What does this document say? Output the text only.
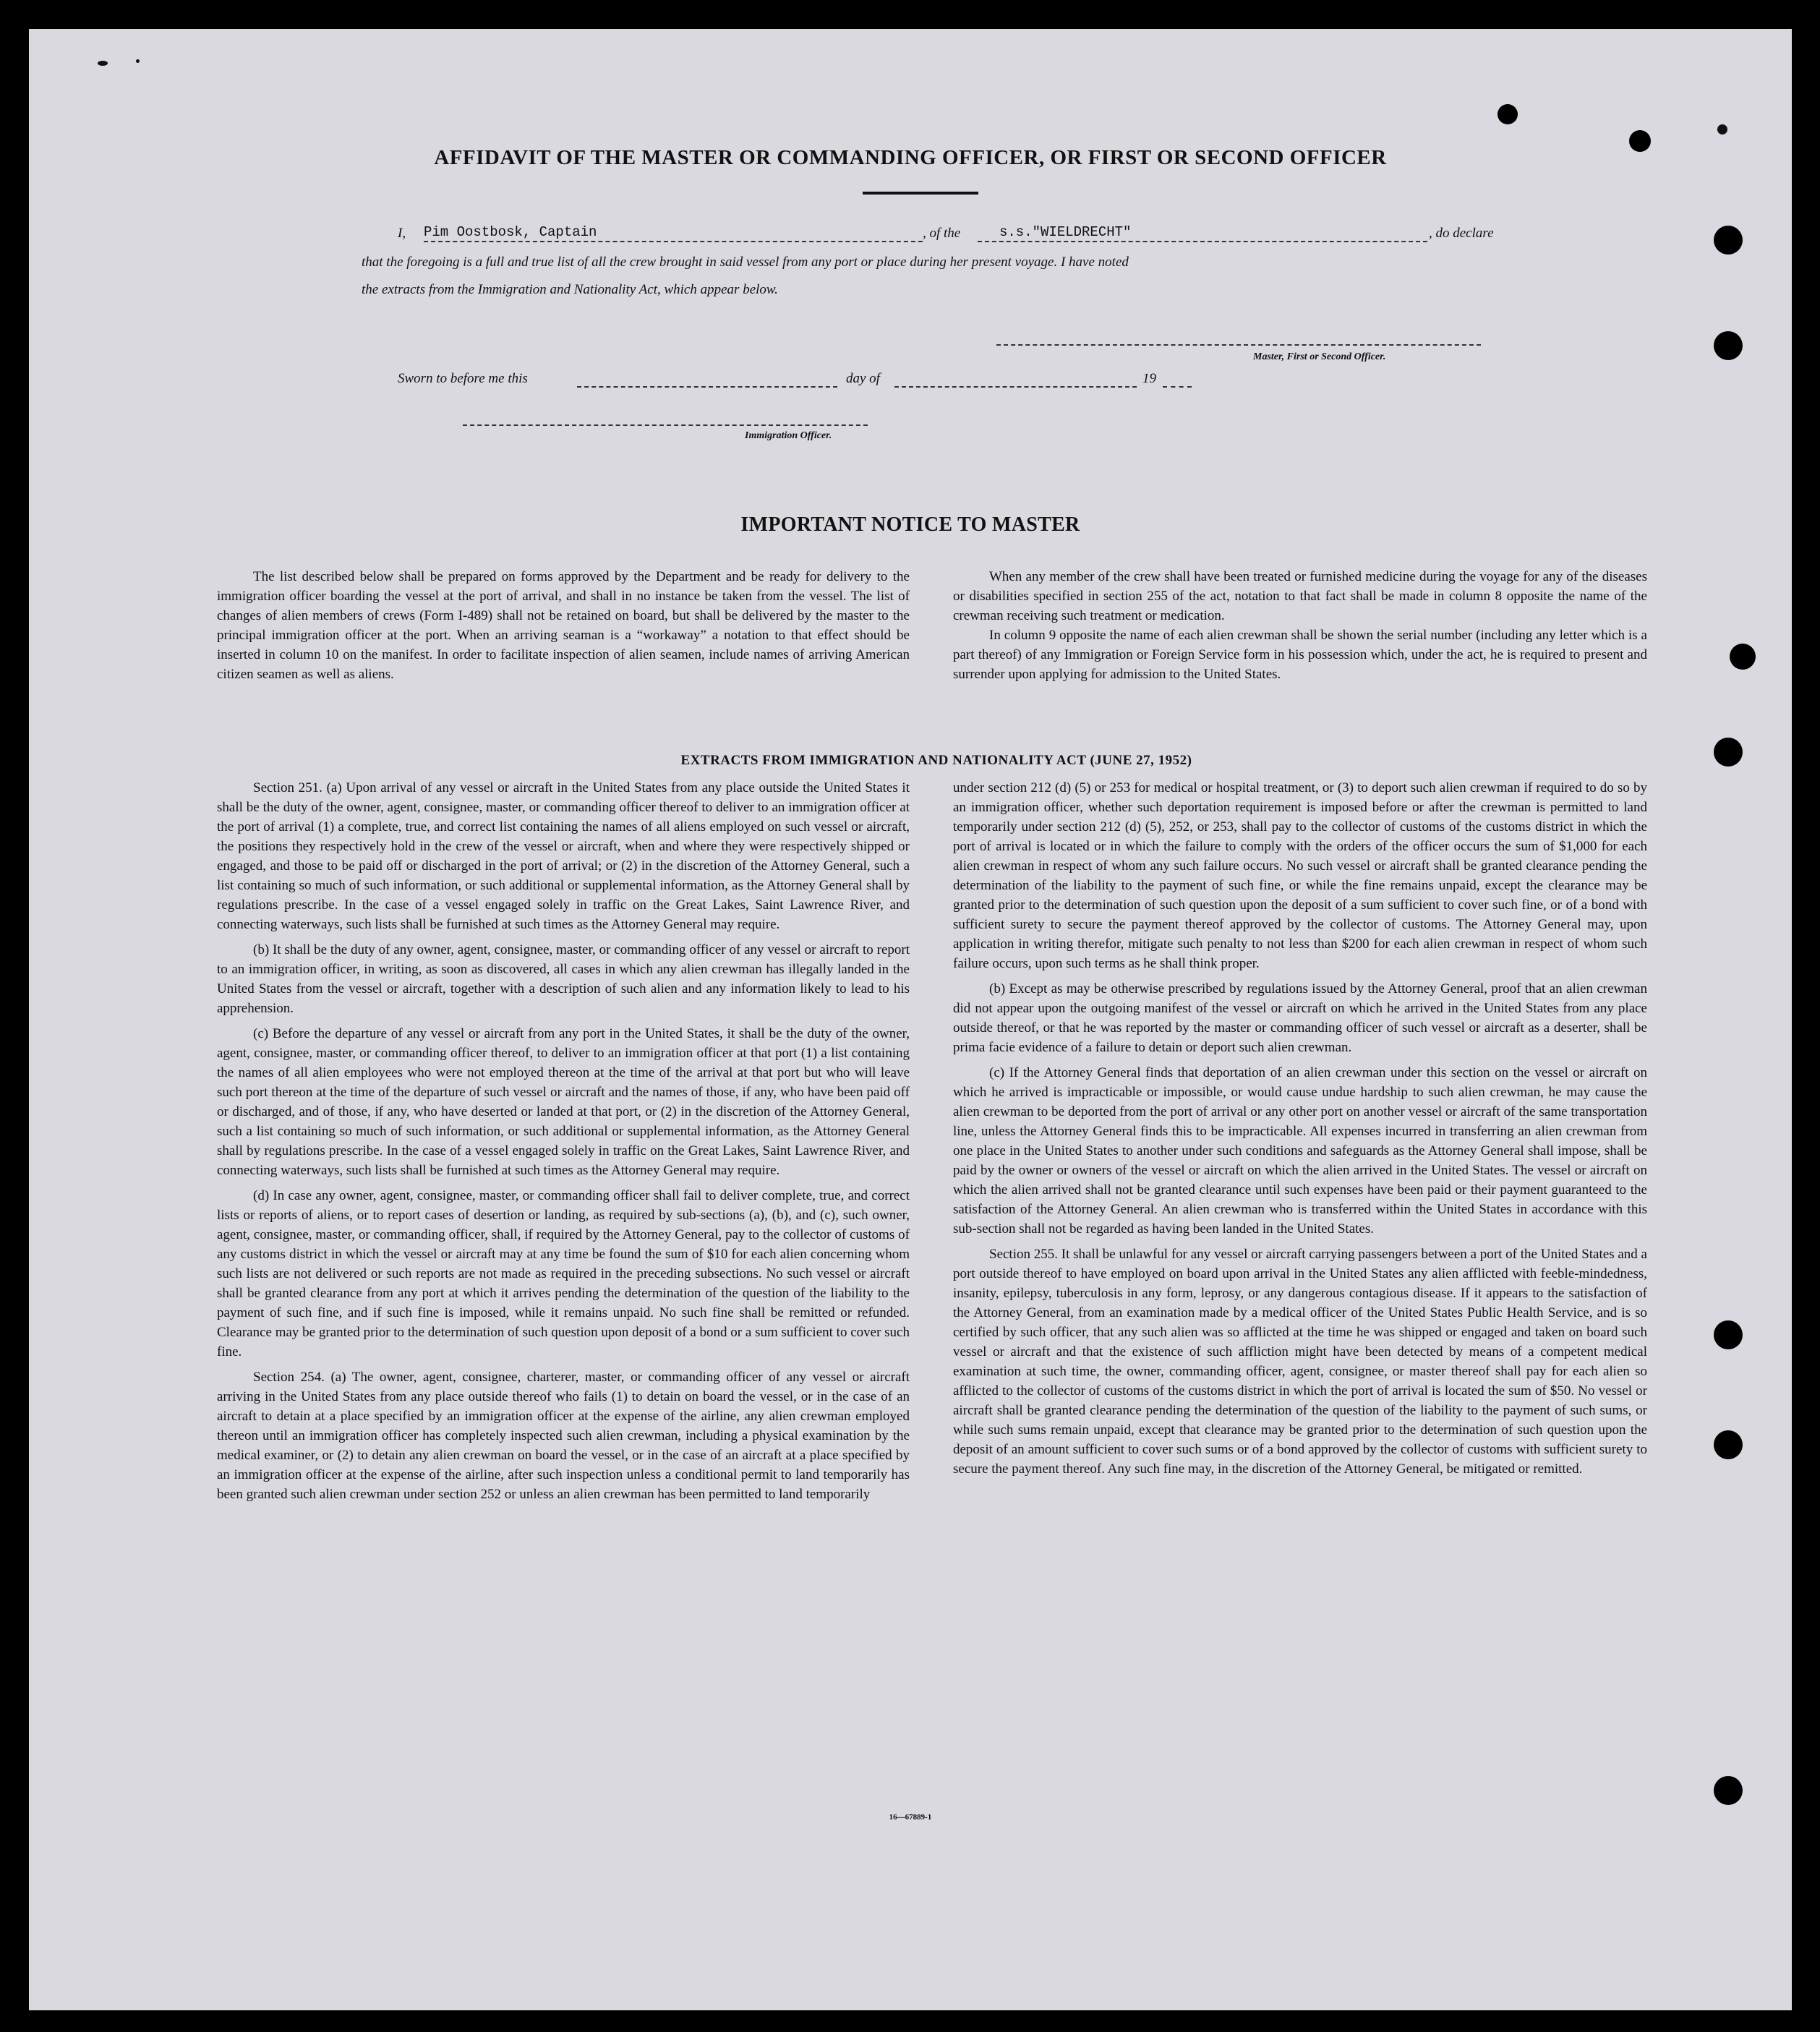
AFFIDAVIT OF THE MASTER OR COMMANDING OFFICER, OR FIRST OR SECOND OFFICER
I, Pim Oostbosk, Captain	, of the	s.s."WIELDRECHT"	, do declare
that the foregoing is a full and true list of all the crew brought in said vessel from any port or place during her present voyage. I have noted
the extracts from the Immigration and Nationality Act, which appear below.
Master, First or Second Officer.
Sworn to before me this	day of	19
Immigration Officer.
IMPORTANT NOTICE TO MASTER

The list described below shall be prepared on forms approved by the Department and be ready for delivery to the immigration officer boarding the vessel at the port of arrival, and shall in no instance be taken from the vessel. The list of changes of alien members of crews (Form I-489) shall not be retained on board, but shall be delivered by the master to the principal immigration officer at the port. When an arriving seaman is a “workaway” a notation to that effect should be inserted in column 10 on the manifest. In order to facilitate inspection of alien seamen, include names of arriving American citizen seamen as well as aliens.

When any member of the crew shall have been treated or furnished medicine during the voyage for any of the diseases or disabilities specified in section 255 of the act, notation to that fact shall be made in column 8 opposite the name of the crewman receiving such treatment or medication.

In column 9 opposite the name of each alien crewman shall be shown the serial number (including any letter which is a part thereof) of any Immigration or Foreign Service form in his possession which, under the act, he is required to present and surrender upon applying for admission to the United States.

EXTRACTS FROM IMMIGRATION AND NATIONALITY ACT (JUNE 27, 1952)

Section 251. (a) Upon arrival of any vessel or aircraft in the United States from any place outside the United States it shall be the duty of the owner, agent, consignee, master, or commanding officer thereof to deliver to an immigration officer at the port of arrival (1) a complete, true, and correct list containing the names of all aliens employed on such vessel or aircraft, the positions they respectively hold in the crew of the vessel or aircraft, when and where they were respectively shipped or engaged, and those to be paid off or discharged in the port of arrival; or (2) in the discretion of the Attorney General, such a list containing so much of such information, or such additional or supplemental information, as the Attorney General shall by regulations prescribe. In the case of a vessel engaged solely in traffic on the Great Lakes, Saint Lawrence River, and connecting waterways, such lists shall be furnished at such times as the Attorney General may require.

(b) It shall be the duty of any owner, agent, consignee, master, or commanding officer of any vessel or aircraft to report to an immigration officer, in writing, as soon as discovered, all cases in which any alien crewman has illegally landed in the United States from the vessel or aircraft, together with a description of such alien and any information likely to lead to his apprehension.

(c) Before the departure of any vessel or aircraft from any port in the United States, it shall be the duty of the owner, agent, consignee, master, or commanding officer thereof, to deliver to an immigration officer at that port (1) a list containing the names of all alien employees who were not employed thereon at the time of the arrival at that port but who will leave such port thereon at the time of the departure of such vessel or aircraft and the names of those, if any, who have been paid off or discharged, and of those, if any, who have deserted or landed at that port, or (2) in the discretion of the Attorney General, such a list containing so much of such information, or such additional or supplemental information, as the Attorney General shall by regulations prescribe. In the case of a vessel engaged solely in traffic on the Great Lakes, Saint Lawrence River, and connecting waterways, such lists shall be furnished at such times as the Attorney General may require.

(d) In case any owner, agent, consignee, master, or commanding officer shall fail to deliver complete, true, and correct lists or reports of aliens, or to report cases of desertion or landing, as required by sub-sections (a), (b), and (c), such owner, agent, consignee, master, or commanding officer, shall, if required by the Attorney General, pay to the collector of customs of any customs district in which the vessel or aircraft may at any time be found the sum of $10 for each alien concerning whom such lists are not delivered or such reports are not made as required in the preceding subsections. No such vessel or aircraft shall be granted clearance from any port at which it arrives pending the determination of the question of the liability to the payment of such fine, and if such fine is imposed, while it remains unpaid. No such fine shall be remitted or refunded. Clearance may be granted prior to the determination of such question upon deposit of a bond or a sum sufficient to cover such fine.

Section 254. (a) The owner, agent, consignee, charterer, master, or commanding officer of any vessel or aircraft arriving in the United States from any place outside thereof who fails (1) to detain on board the vessel, or in the case of an aircraft to detain at a place specified by an immigration officer at the expense of the airline, any alien crewman employed thereon until an immigration officer has completely inspected such alien crewman, including a physical examination by the medical examiner, or (2) to detain any alien crewman on board the vessel, or in the case of an aircraft at a place specified by an immigration officer at the expense of the airline, after such inspection unless a conditional permit to land temporarily has been granted such alien crewman under section 252 or unless an alien crewman has been permitted to land temporarily

under section 212 (d) (5) or 253 for medical or hospital treatment, or (3) to deport such alien crewman if required to do so by an immigration officer, whether such deportation requirement is imposed before or after the crewman is permitted to land temporarily under section 212 (d) (5), 252, or 253, shall pay to the collector of customs of the customs district in which the port of arrival is located or in which the failure to comply with the orders of the officer occurs the sum of $1,000 for each alien crewman in respect of whom any such failure occurs. No such vessel or aircraft shall be granted clearance pending the determination of the liability to the payment of such fine, or while the fine remains unpaid, except the clearance may be granted prior to the determination of such question upon the deposit of a sum sufficient to cover such fine, or of a bond with sufficient surety to secure the payment thereof approved by the collector of customs. The Attorney General may, upon application in writing therefor, mitigate such penalty to not less than $200 for each alien crewman in respect of whom such failure occurs, upon such terms as he shall think proper.

(b) Except as may be otherwise prescribed by regulations issued by the Attorney General, proof that an alien crewman did not appear upon the outgoing manifest of the vessel or aircraft on which he arrived in the United States from any place outside thereof, or that he was reported by the master or commanding officer of such vessel or aircraft as a deserter, shall be prima facie evidence of a failure to detain or deport such alien crewman.

(c) If the Attorney General finds that deportation of an alien crewman under this section on the vessel or aircraft on which he arrived is impracticable or impossible, or would cause undue hardship to such alien crewman, he may cause the alien crewman to be deported from the port of arrival or any other port on another vessel or aircraft of the same transportation line, unless the Attorney General finds this to be impracticable. All expenses incurred in transferring an alien crewman from one place in the United States to another under such conditions and safeguards as the Attorney General shall impose, shall be paid by the owner or owners of the vessel or aircraft on which the alien arrived in the United States. The vessel or aircraft on which the alien arrived shall not be granted clearance until such expenses have been paid or their payment guaranteed to the satisfaction of the Attorney General. An alien crewman who is transferred within the United States in accordance with this sub-section shall not be regarded as having been landed in the United States.

Section 255. It shall be unlawful for any vessel or aircraft carrying passengers between a port of the United States and a port outside thereof to have employed on board upon arrival in the United States any alien afflicted with feeble-mindedness, insanity, epilepsy, tuberculosis in any form, leprosy, or any dangerous contagious disease. If it appears to the satisfaction of the Attorney General, from an examination made by a medical officer of the United States Public Health Service, and is so certified by such officer, that any such alien was so afflicted at the time he was shipped or engaged and taken on board such vessel or aircraft and that the existence of such affliction might have been detected by means of a competent medical examination at such time, the owner, commanding officer, agent, consignee, or master thereof shall pay for each alien so afflicted to the collector of customs of the customs district in which the port of arrival is located the sum of $50. No vessel or aircraft shall be granted clearance pending the determination of the question of the liability to the payment of such sums, or while such sums remain unpaid, except that clearance may be granted prior to the determination of such question upon the deposit of an amount sufficient to cover such sums or of a bond approved by the collector of customs with sufficient surety to secure the payment thereof. Any such fine may, in the discretion of the Attorney General, be mitigated or remitted.

16—67889-1
